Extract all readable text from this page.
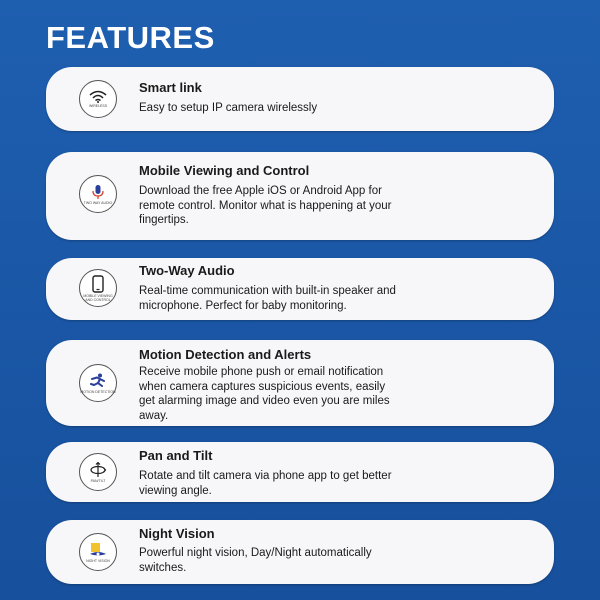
FEATURES
WIRELESS
Smart link
Easy to setup IP camera wirelessly
TWO WAY AUDIO
Mobile Viewing and Control
Download the free Apple iOS or Android App for remote control. Monitor what is happening at your fingertips.
MOBILE VIEWING AND CONTROL
Two-Way Audio
Real-time communication with built-in speaker and microphone. Perfect for baby monitoring.
MOTION DETECTION
Motion Detection and Alerts
Receive mobile phone push or email notification when camera captures suspicious events, easily get alarming image and video even you are miles away.
PAN/TILT
Pan and Tilt
Rotate and tilt camera via phone app to get better viewing angle.
NIGHT VISION
Night Vision
Powerful night vision, Day/Night automatically switches.
